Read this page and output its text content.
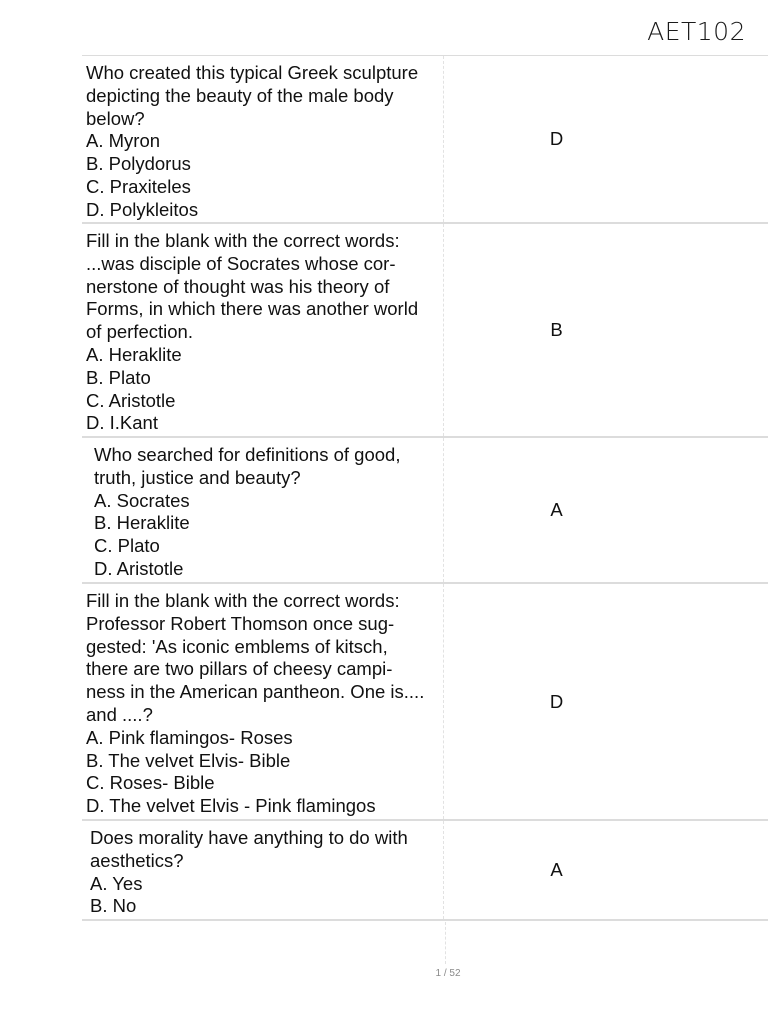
AET102
Who created this typical Greek sculpture
depicting the beauty of the male body
below?
A. Myron
B. Polydorus
C. Praxiteles
D. Polykleitos
D
Fill in the blank with the correct words:
...was disciple of Socrates whose cor-
nerstone of thought was his theory of
Forms, in which there was another world
of perfection.
A. Heraklite
B. Plato
C. Aristotle
D. I.Kant
B
Who searched for definitions of good,
truth, justice and beauty?
A. Socrates
B. Heraklite
C. Plato
D. Aristotle
A
Fill in the blank with the correct words:
Professor Robert Thomson once sug-
gested: 'As iconic emblems of kitsch,
there are two pillars of cheesy campi-
ness in the American pantheon. One is....
and ....?
A. Pink flamingos- Roses
B. The velvet Elvis- Bible
C. Roses- Bible
D. The velvet Elvis - Pink flamingos
D
Does morality have anything to do with
aesthetics?
A. Yes
B. No
A
1 / 52
